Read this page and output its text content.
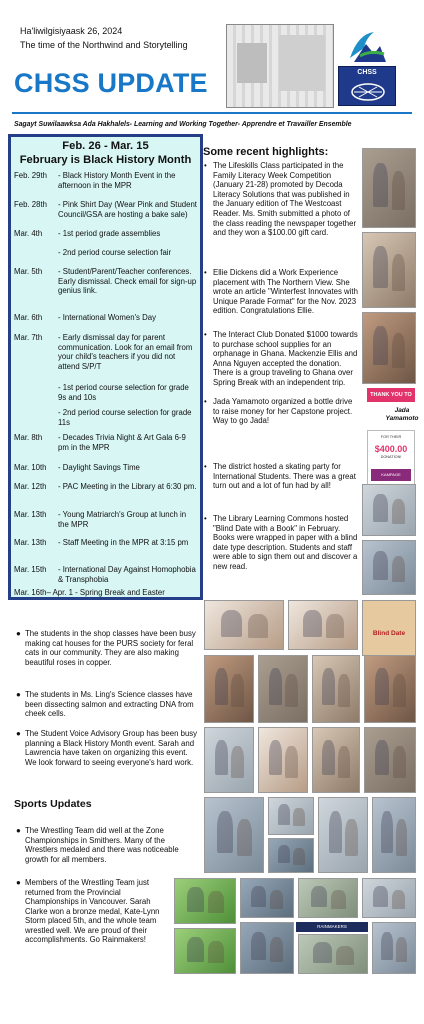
Ha'liwilgisiyaask 26, 2024
The time of the Northwind and Storytelling
CHSS
CHSS UPDATE
Sagayt Suwilaawksa Ada Hakhalels- Learning and Working Together- Apprendre et Travailler Ensemble
Feb. 26 - Mar. 15
February is Black History Month
Feb. 29th - Black History Month Event in the afternoon in the MPR
Feb. 28th - Pink Shirt Day (Wear Pink and Student Council/GSA are hosting a bake sale)
Mar. 4th - 1st period grade assemblies
- 2nd period course selection fair
Mar. 5th - Student/Parent/Teacher conferences. Early dismissal. Check email for sign-up genius link.
Mar. 6th - International Women's Day
Mar. 7th - Early dismissal day for parent communication. Look for an email from your child's teachers if you did not attend S/P/T
- 1st period course selection for grade 9s and 10s
- 2nd period course selection for grade 11s
Mar. 8th - Decades Trivia Night & Art Gala 6-9 pm in the MPR
Mar. 10th - Daylight Savings Time
Mar. 12th - PAC Meeting in the Library at 6:30 pm.
Mar. 13th - Young Matriarch's Group at lunch in the MPR
Mar. 13th - Staff Meeting in the MPR at 3:15 pm
Mar. 15th - International Day Against Homophobia & Transphobia
Mar. 16th– Apr. 1 - Spring Break and Easter
Some recent highlights:
• The Lifeskills Class participated in the Family Literacy Week Competition (January 21-28) promoted by Decoda Literacy Solutions that was published in the January edition of The Westcoast Reader. Ms. Smith submitted a photo of the class reading the newspaper together and they won a $100.00 gift card.
• Ellie Dickens did a Work Experience placement with The Northern View. She wrote an article "Winterfest Innovates with Unique Parade Format" for the Nov. 2023 edition. Congratulations Ellie.
• The Interact Club Donated $1000 towards to purchase school supplies for an orphanage in Ghana. Mackenzie Ellis and Anna Nguyen accepted the donation. There is a group traveling to Ghana over Spring Break with an independent trip.
• Jada Yamamoto organized a bottle drive to raise money for her Capstone project. Way to go Jada!
• The district hosted a skating party for International Students. There was a great turn out and a lot of fun had by all!
• The Library Learning Commons hosted "Blind Date with a Book" in February. Books were wrapped in paper with a blind date type description. Students and staff were able to sign them out and discover a new read.
THANK YOU TO
Jada Yamamoto
FOR THEIR
$400.00
DONATION!
KAMPAGE
Blind Date
RAINMAKERS
● The students in the shop classes have been busy making cat houses for the PURS society for feral cats in our community. They are also making beautiful roses in copper.
● The students in Ms. Ling's Science classes have been dissecting salmon and extracting DNA from cheek cells.
● The Student Voice Advisory Group has been busy planning a Black History Month event. Sarah and Lawrencia have taken on organizing this event. We look forward to seeing everyone's hard work.
Sports Updates
● The Wrestling Team did well at the Zone Championships in Smithers. Many of the Wrestlers medaled and there was noticeable growth for all members.
● Members of the Wrestling Team just returned from the Provincial Championships in Vancouver. Sarah Clarke won a bronze medal, Kate-Lynn Storm placed 5th, and the whole team wrestled well. We are proud of their accomplishments. Go Rainmakers!
